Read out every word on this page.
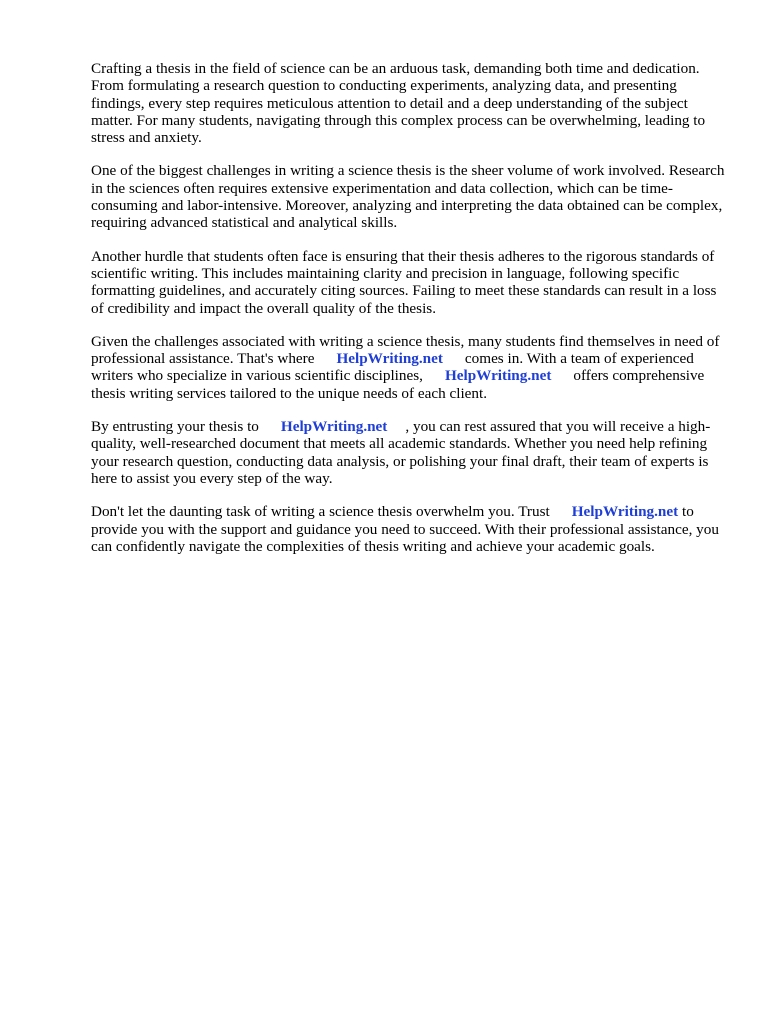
Crafting a thesis in the field of science can be an arduous task, demanding both time and dedication. From formulating a research question to conducting experiments, analyzing data, and presenting findings, every step requires meticulous attention to detail and a deep understanding of the subject matter. For many students, navigating through this complex process can be overwhelming, leading to stress and anxiety.

One of the biggest challenges in writing a science thesis is the sheer volume of work involved. Research in the sciences often requires extensive experimentation and data collection, which can be time-consuming and labor-intensive. Moreover, analyzing and interpreting the data obtained can be complex, requiring advanced statistical and analytical skills.

Another hurdle that students often face is ensuring that their thesis adheres to the rigorous standards of scientific writing. This includes maintaining clarity and precision in language, following specific formatting guidelines, and accurately citing sources. Failing to meet these standards can result in a loss of credibility and impact the overall quality of the thesis.

Given the challenges associated with writing a science thesis, many students find themselves in need of professional assistance. That's where HelpWriting.net comes in. With a team of experienced writers who specialize in various scientific disciplines, HelpWriting.net offers comprehensive thesis writing services tailored to the unique needs of each client.

By entrusting your thesis to HelpWriting.net , you can rest assured that you will receive a high-quality, well-researched document that meets all academic standards. Whether you need help refining your research question, conducting data analysis, or polishing your final draft, their team of experts is here to assist you every step of the way.

Don't let the daunting task of writing a science thesis overwhelm you. Trust HelpWriting.net to provide you with the support and guidance you need to succeed. With their professional assistance, you can confidently navigate the complexities of thesis writing and achieve your academic goals.
